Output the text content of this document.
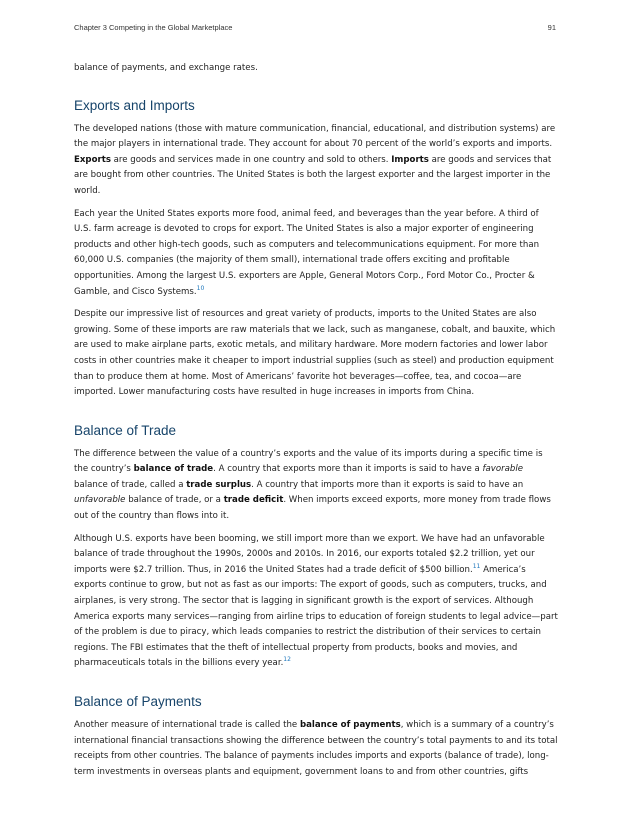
Chapter 3 Competing in the Global Marketplace	91

balance of payments, and exchange rates.

Exports and Imports

The developed nations (those with mature communication, financial, educational, and distribution systems) are the major players in international trade. They account for about 70 percent of the world’s exports and imports. Exports are goods and services made in one country and sold to others. Imports are goods and services that are bought from other countries. The United States is both the largest exporter and the largest importer in the world.

Each year the United States exports more food, animal feed, and beverages than the year before. A third of U.S. farm acreage is devoted to crops for export. The United States is also a major exporter of engineering products and other high-tech goods, such as computers and telecommunications equipment. For more than 60,000 U.S. companies (the majority of them small), international trade offers exciting and profitable opportunities. Among the largest U.S. exporters are Apple, General Motors Corp., Ford Motor Co., Procter & Gamble, and Cisco Systems.$^{10}$

Despite our impressive list of resources and great variety of products, imports to the United States are also growing. Some of these imports are raw materials that we lack, such as manganese, cobalt, and bauxite, which are used to make airplane parts, exotic metals, and military hardware. More modern factories and lower labor costs in other countries make it cheaper to import industrial supplies (such as steel) and production equipment than to produce them at home. Most of Americans’ favorite hot beverages—coffee, tea, and cocoa—are imported. Lower manufacturing costs have resulted in huge increases in imports from China.

Balance of Trade

The difference between the value of a country’s exports and the value of its imports during a specific time is the country’s balance of trade. A country that exports more than it imports is said to have a favorable balance of trade, called a trade surplus. A country that imports more than it exports is said to have an unfavorable balance of trade, or a trade deficit. When imports exceed exports, more money from trade flows out of the country than flows into it.

Although U.S. exports have been booming, we still import more than we export. We have had an unfavorable balance of trade throughout the 1990s, 2000s and 2010s. In 2016, our exports totaled $2.2 trillion, yet our imports were $2.7 trillion. Thus, in 2016 the United States had a trade deficit of $500 billion.$^{11}$ America’s exports continue to grow, but not as fast as our imports: The export of goods, such as computers, trucks, and airplanes, is very strong. The sector that is lagging in significant growth is the export of services. Although America exports many services—ranging from airline trips to education of foreign students to legal advice—part of the problem is due to piracy, which leads companies to restrict the distribution of their services to certain regions. The FBI estimates that the theft of intellectual property from products, books and movies, and pharmaceuticals totals in the billions every year.$^{12}$

Balance of Payments

Another measure of international trade is called the balance of payments, which is a summary of a country’s international financial transactions showing the difference between the country’s total payments to and its total receipts from other countries. The balance of payments includes imports and exports (balance of trade), long-term investments in overseas plants and equipment, government loans to and from other countries, gifts
